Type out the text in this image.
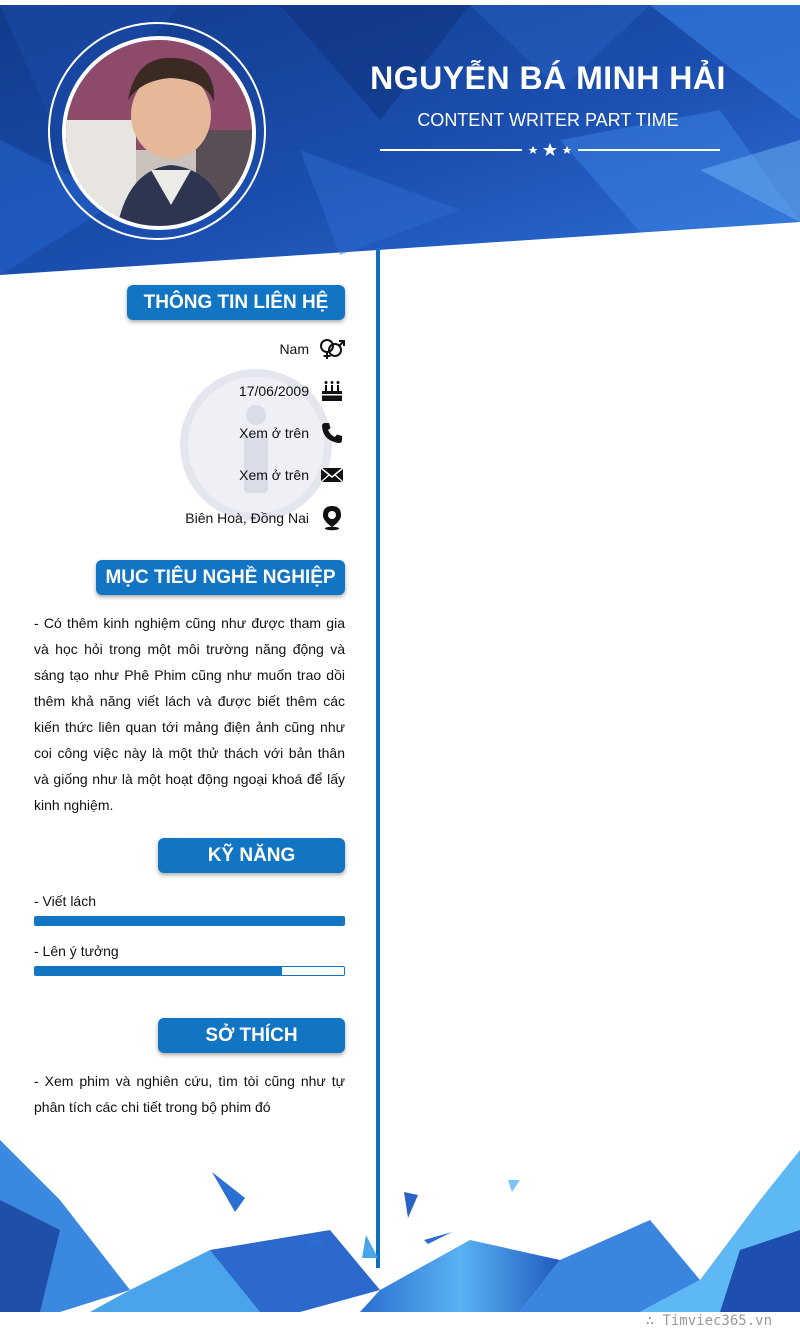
NGUYỄN BÁ MINH HẢI
CONTENT WRITER PART TIME
THÔNG TIN LIÊN HỆ
Nam
17/06/2009
Xem ở trên
Xem ở trên
Biên Hoà, Đồng Nai
MỤC TIÊU NGHỀ NGHIỆP
- Có thêm kinh nghiệm cũng như được tham gia và học hỏi trong một môi trường năng động và sáng tạo như Phê Phim cũng như muốn trao dồi thêm khả năng viết lách và được biết thêm các kiến thức liên quan tới mảng điện ảnh cũng như coi công việc này là một thử thách với bản thân và giống như là một hoạt động ngoại khoá để lấy kinh nghiệm.
KỸ NĂNG
- Viết lách
- Lên ý tưởng
SỞ THÍCH
- Xem phim và nghiên cứu, tìm tòi cũng như tự phân tích các chi tiết trong bộ phim đó
∴ Timviec365.vn
